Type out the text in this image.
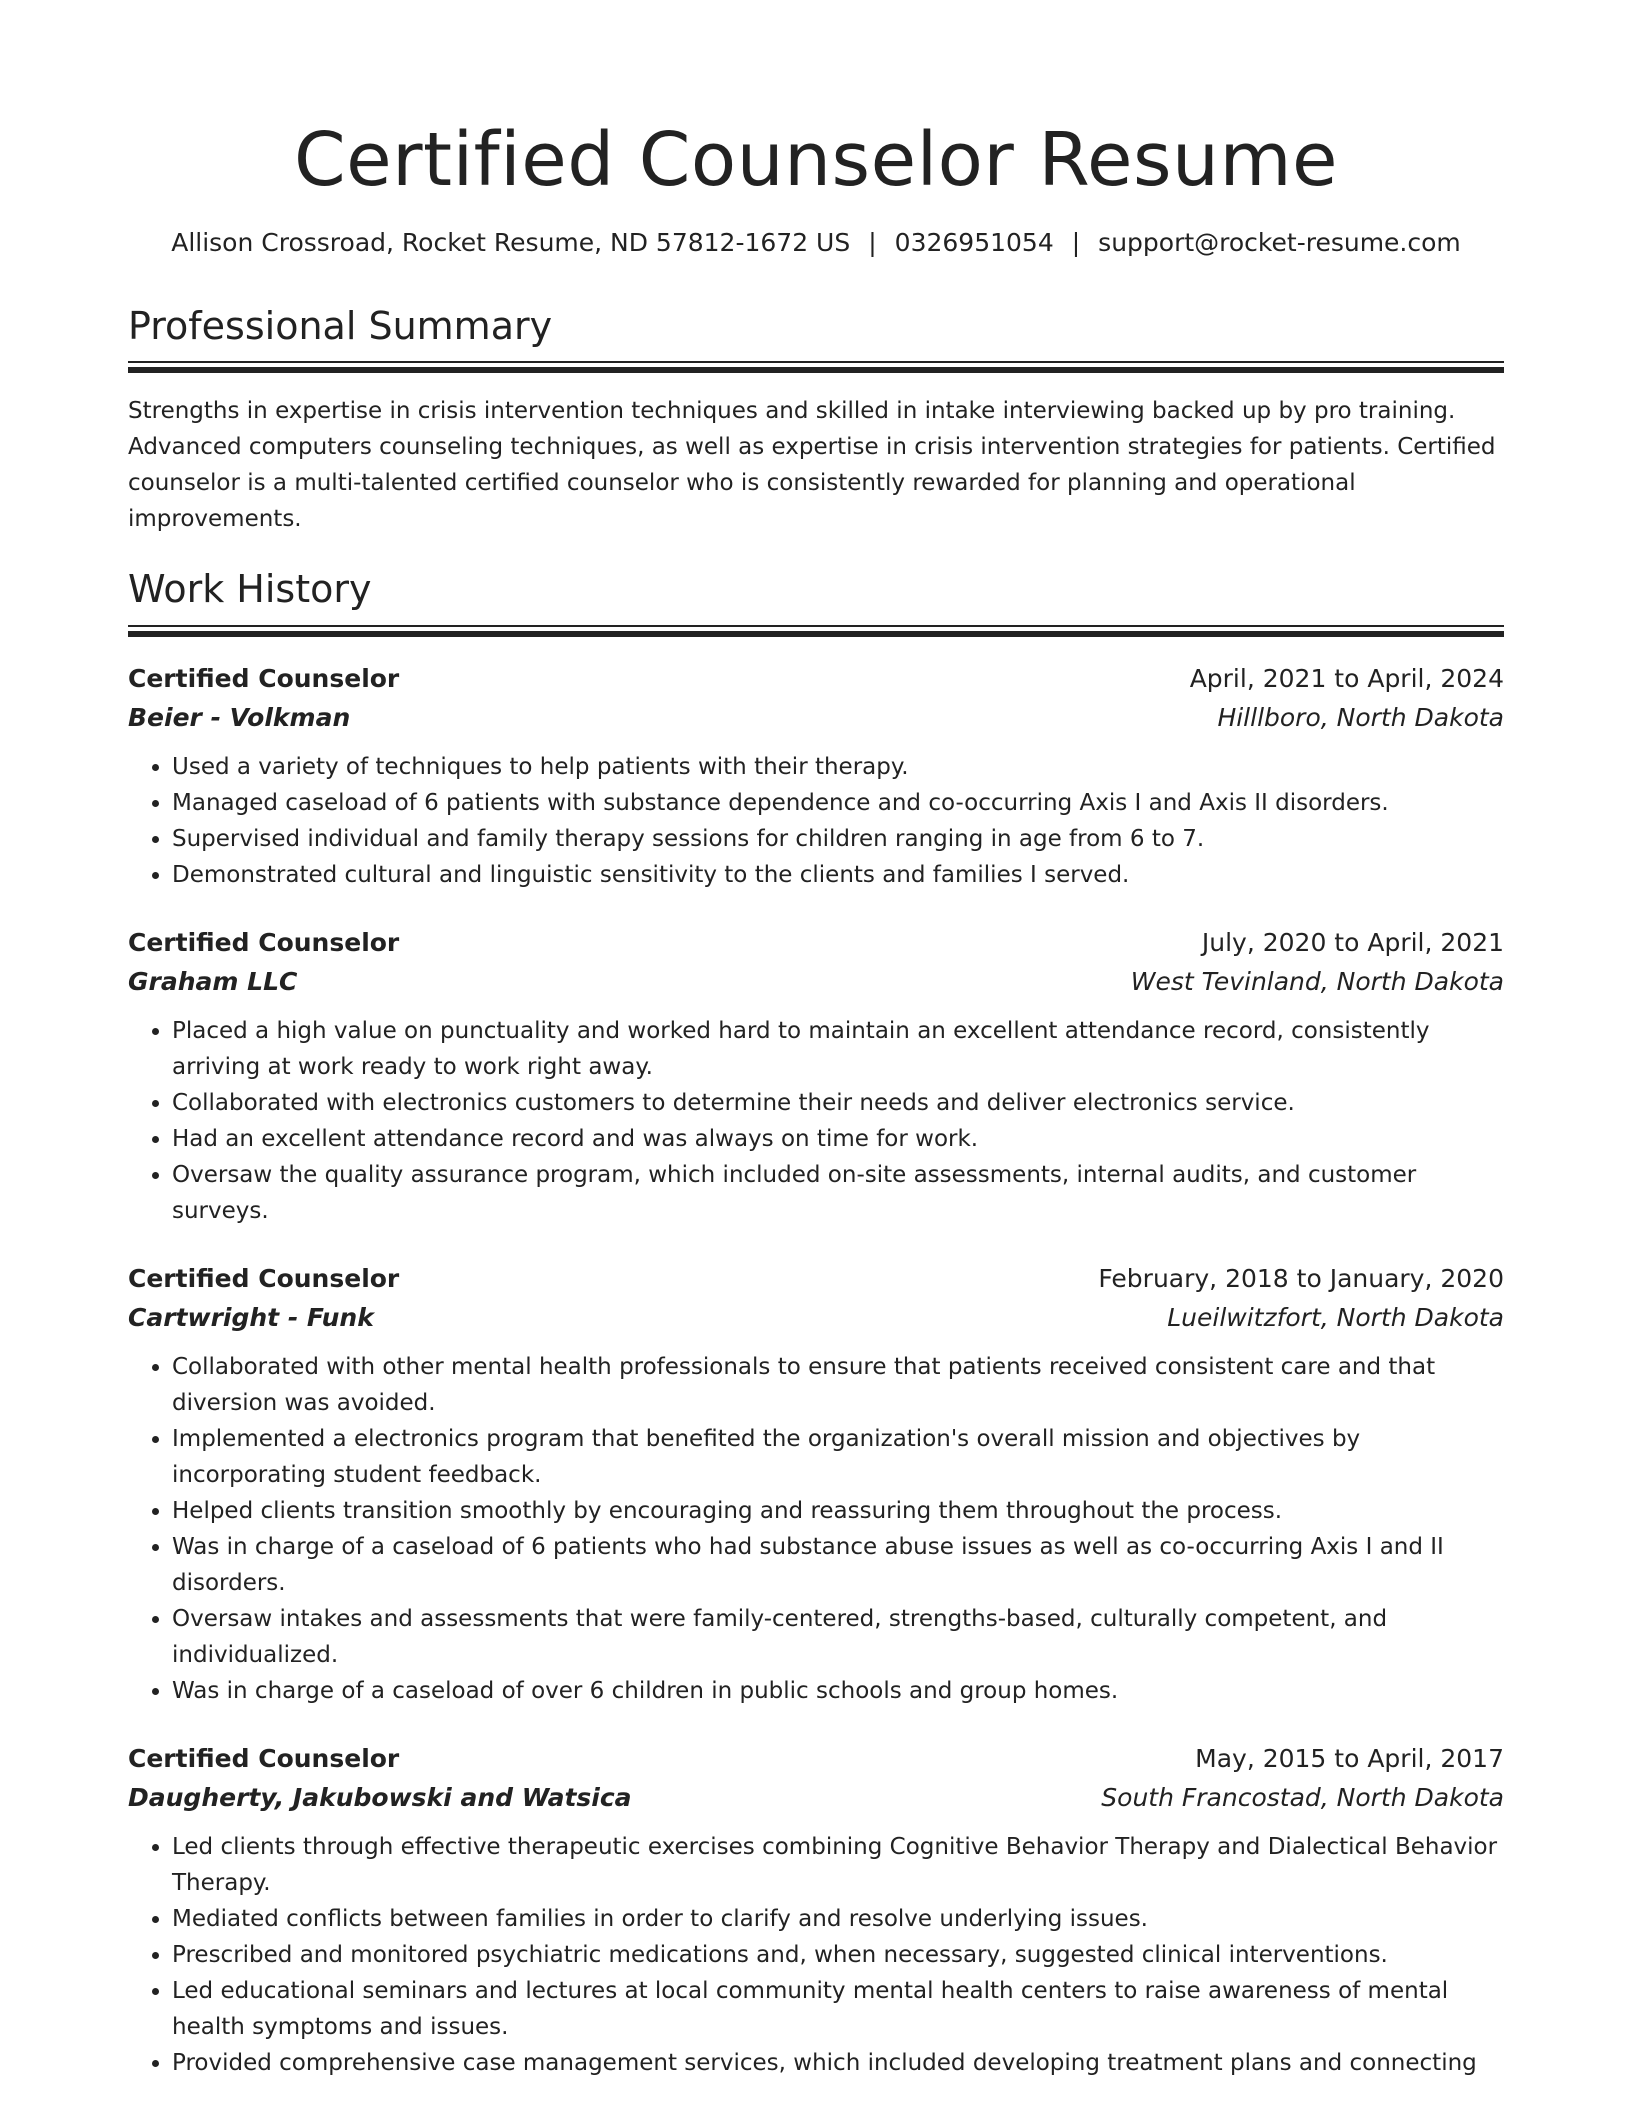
Certified Counselor Resume
Allison Crossroad, Rocket Resume, ND 57812-1672 US | 0326951054 | support@rocket-resume.com
Professional Summary

Strengths in expertise in crisis intervention techniques and skilled in intake interviewing backed up by pro training. Advanced computers counseling techniques, as well as expertise in crisis intervention strategies for patients. Certified counselor is a multi-talented certified counselor who is consistently rewarded for planning and operational improvements.

Work History
Certified Counselor	April, 2021 to April, 2024
Beier - Volkman	Hilllboro, North Dakota
• Used a variety of techniques to help patients with their therapy.
• Managed caseload of 6 patients with substance dependence and co-occurring Axis I and Axis II disorders.
• Supervised individual and family therapy sessions for children ranging in age from 6 to 7.
• Demonstrated cultural and linguistic sensitivity to the clients and families I served.
Certified Counselor	July, 2020 to April, 2021
Graham LLC	West Tevinland, North Dakota
• Placed a high value on punctuality and worked hard to maintain an excellent attendance record, consistently arriving at work ready to work right away.
• Collaborated with electronics customers to determine their needs and deliver electronics service.
• Had an excellent attendance record and was always on time for work.
• Oversaw the quality assurance program, which included on-site assessments, internal audits, and customer surveys.
Certified Counselor	February, 2018 to January, 2020
Cartwright - Funk	Lueilwitzfort, North Dakota
• Collaborated with other mental health professionals to ensure that patients received consistent care and that diversion was avoided.
• Implemented a electronics program that benefited the organization's overall mission and objectives by incorporating student feedback.
• Helped clients transition smoothly by encouraging and reassuring them throughout the process.
• Was in charge of a caseload of 6 patients who had substance abuse issues as well as co-occurring Axis I and II disorders.
• Oversaw intakes and assessments that were family-centered, strengths-based, culturally competent, and individualized.
• Was in charge of a caseload of over 6 children in public schools and group homes.
Certified Counselor	May, 2015 to April, 2017
Daugherty, Jakubowski and Watsica	South Francostad, North Dakota
• Led clients through effective therapeutic exercises combining Cognitive Behavior Therapy and Dialectical Behavior Therapy.
• Mediated conflicts between families in order to clarify and resolve underlying issues.
• Prescribed and monitored psychiatric medications and, when necessary, suggested clinical interventions.
• Led educational seminars and lectures at local community mental health centers to raise awareness of mental health symptoms and issues.
• Provided comprehensive case management services, which included developing treatment plans and connecting
